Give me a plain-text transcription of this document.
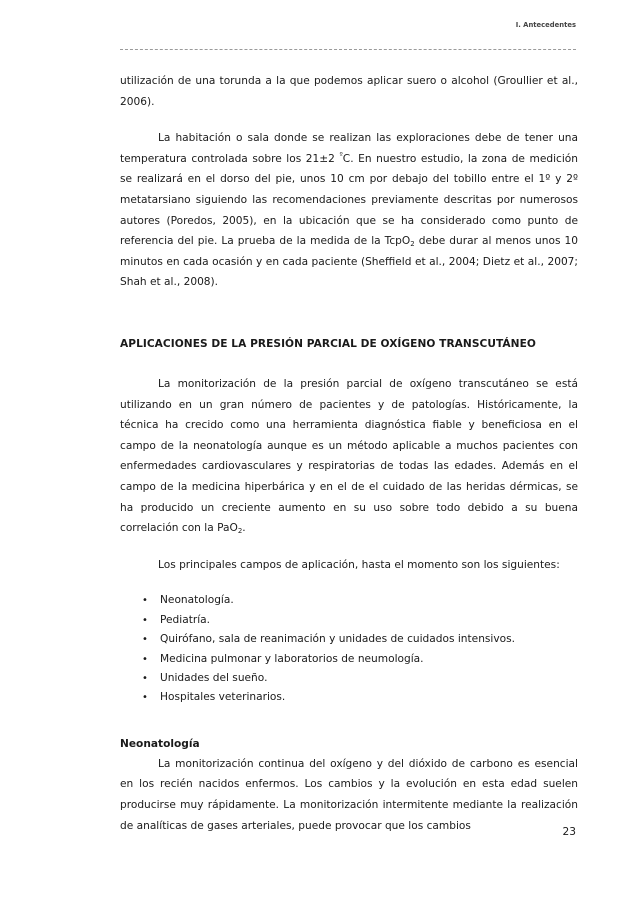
I. Antecedentes

utilización de una torunda a la que podemos aplicar suero o alcohol (Groullier et al., 2006).

La habitación o sala donde se realizan las exploraciones debe de tener una temperatura controlada sobre los 21±2 $^º$C. En nuestro estudio, la zona de medición se realizará en el dorso del pie, unos 10 cm por debajo del tobillo entre el 1º y 2º metatarsiano siguiendo las recomendaciones previamente descritas por numerosos autores (Poredos, 2005), en la ubicación que se ha considerado como punto de referencia del pie. La prueba de la medida de la TcpO$_2$ debe durar al menos unos 10 minutos en cada ocasión y en cada paciente (Sheffield et al., 2004; Dietz et al., 2007; Shah et al., 2008).

APLICACIONES DE LA PRESIÓN PARCIAL DE OXÍGENO TRANSCUTÁNEO

La monitorización de la presión parcial de oxígeno transcutáneo se está utilizando en un gran número de pacientes y de patologías. Históricamente, la técnica ha crecido como una herramienta diagnóstica fiable y beneficiosa en el campo de la neonatología aunque es un método aplicable a muchos pacientes con enfermedades cardiovasculares y respiratorias de todas las edades. Además en el campo de la medicina hiperbárica y en el de el cuidado de las heridas dérmicas, se ha producido un creciente aumento en su uso sobre todo debido a su buena correlación con la PaO$_2$.

Los principales campos de aplicación, hasta el momento son los siguientes:

• Neonatología.
• Pediatría.
• Quirófano, sala de reanimación y unidades de cuidados intensivos.
• Medicina pulmonar y laboratorios de neumología.
• Unidades del sueño.
• Hospitales veterinarios.
Neonatología

La monitorización continua del oxígeno y del dióxido de carbono es esencial en los recién nacidos enfermos. Los cambios y la evolución en esta edad suelen producirse muy rápidamente. La monitorización intermitente mediante la realización de analíticas de gases arteriales, puede provocar que los cambios

23
